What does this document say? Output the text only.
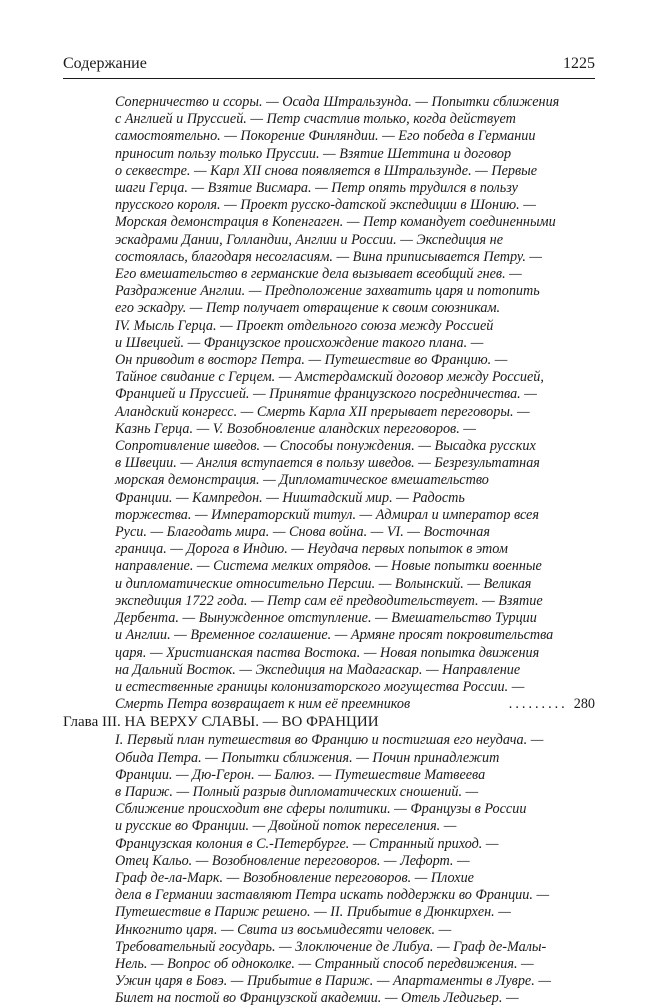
Содержание	1225
Соперничество и ссоры. — Осада Штральзунда. — Попытки сближения
с Англией и Пруссией. — Петр счастлив только, когда действует
самостоятельно. — Покорение Финляндии. — Его победа в Германии
приносит пользу только Пруссии. — Взятие Шеттина и договор
о секвестре. — Карл XII снова появляется в Штральзунде. — Первые
шаги Герца. — Взятие Висмара. — Петр опять трудился в пользу
прусского короля. — Проект русско-датской экспедиции в Шонию. —
Морская демонстрация в Копенгаген. — Петр командует соединенными
эскадрами Дании, Голландии, Англии и России. — Экспедиция не
состоялась, благодаря несогласиям. — Вина приписывается Петру. —
Его вмешательство в германские дела вызывает всеобщий гнев. —
Раздражение Англии. — Предположение захватить царя и потопить
его эскадру. — Петр получает отвращение к своим союзникам.
IV. Мысль Герца. — Проект отдельного союза между Россией
и Швецией. — Французское происхождение такого плана. —
Он приводит в восторг Петра. — Путешествие во Францию. —
Тайное свидание с Герцем. — Амстердамский договор между Россией,
Францией и Пруссией. — Принятие французского посредничества. —
Аландский конгресс. — Смерть Карла XII прерывает переговоры. —
Казнь Герца. — V. Возобновление аландских переговоров. —
Сопротивление шведов. — Способы понуждения. — Высадка русских
в Швеции. — Англия вступается в пользу шведов. — Безрезультатная
морская демонстрация. — Дипломатическое вмешательство
Франции. — Кампредон. — Ништадский мир. — Радость
торжества. — Императорский титул. — Адмирал и император всея
Руси. — Благодать мира. — Снова война. — VI. — Восточная
граница. — Дорога в Индию. — Неудача первых попыток в этом
направление. — Система мелких отрядов. — Новые попытки военные
и дипломатические относительно Персии. — Волынский. — Великая
экспедиция 1722 года. — Петр сам её предводительствует. — Взятие
Дербента. — Вынужденное отступление. — Вмешательство Турции
и Англии. — Временное соглашение. — Армяне просят покровительства
царя. — Христианская паства Востока. — Новая попытка движения
на Дальний Восток. — Экспедиция на Мадагаскар. — Направление
и естественные границы колонизаторского могущества России. —
Смерть Петра возвращает к ним её преемников	......... 280
Глава III. НА ВЕРХУ СЛАВЫ. — ВО ФРАНЦИИ
I. Первый план путешествия во Францию и постигшая его неудача. —
Обида Петра. — Попытки сближения. — Почин принадлежит
Франции. — Дю-Герон. — Балюз. — Путешествие Матвеева
в Париж. — Полный разрыв дипломатических сношений. —
Сближение происходит вне сферы политики. — Французы в России
и русские во Франции. — Двойной поток переселения. —
Французская колония в С.-Петербурге. — Странный приход. —
Отец Кальо. — Возобновление переговоров. — Лефорт. —
Граф де-ла-Марк. — Возобновление переговоров. — Плохие
дела в Германии заставляют Петра искать поддержки во Франции. —
Путешествие в Париж решено. — II. Прибытие в Дюнкирхен. —
Инкогнито царя. — Свита из восьмидесяти человек. —
Требовательный государь. — Злоключение де Либуа. — Граф де-Малы-
Нель. — Вопрос об одноколке. — Странный способ передвижения. —
Ужин царя в Бовэ. — Прибытие в Париж. — Апартаменты в Лувре. —
Билет на постой во Французской академии. — Отель Ледигьер. —
